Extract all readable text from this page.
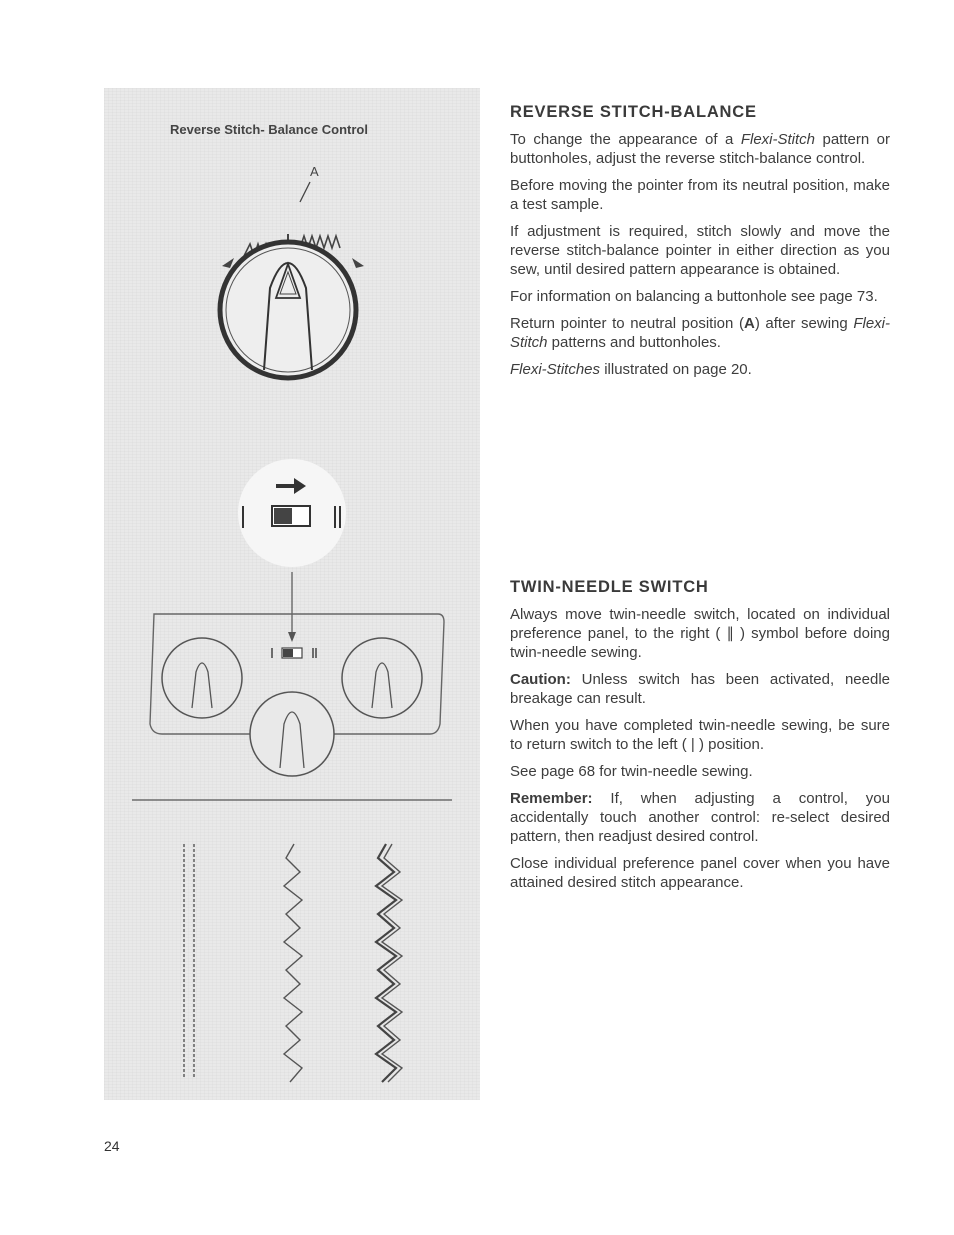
A
Reverse Stitch- Balance Control
REVERSE STITCH-BALANCE

To change the appearance of a Flexi-Stitch pattern or buttonholes, adjust the reverse stitch-balance control.

Before moving the pointer from its neutral position, make a test sample.

If adjustment is required, stitch slowly and move the reverse stitch-balance pointer in either direction as you sew, until desired pattern appearance is obtained.

For information on balancing a buttonhole see page 73.

Return pointer to neutral position (A) after sewing Flexi-Stitch patterns and buttonholes.

Flexi-Stitches illustrated on page 20.

TWIN-NEEDLE SWITCH

Always move twin-needle switch, located on individual preference panel, to the right ( ∥ ) symbol before doing twin-needle sewing.

Caution: Unless switch has been activated, needle breakage can result.

When you have completed twin-needle sewing, be sure to return switch to the left ( | ) position.

See page 68 for twin-needle sewing.

Remember: If, when adjusting a control, you accidentally touch another control: re-select desired pattern, then readjust desired control.

Close individual preference panel cover when you have attained desired stitch appearance.

24
